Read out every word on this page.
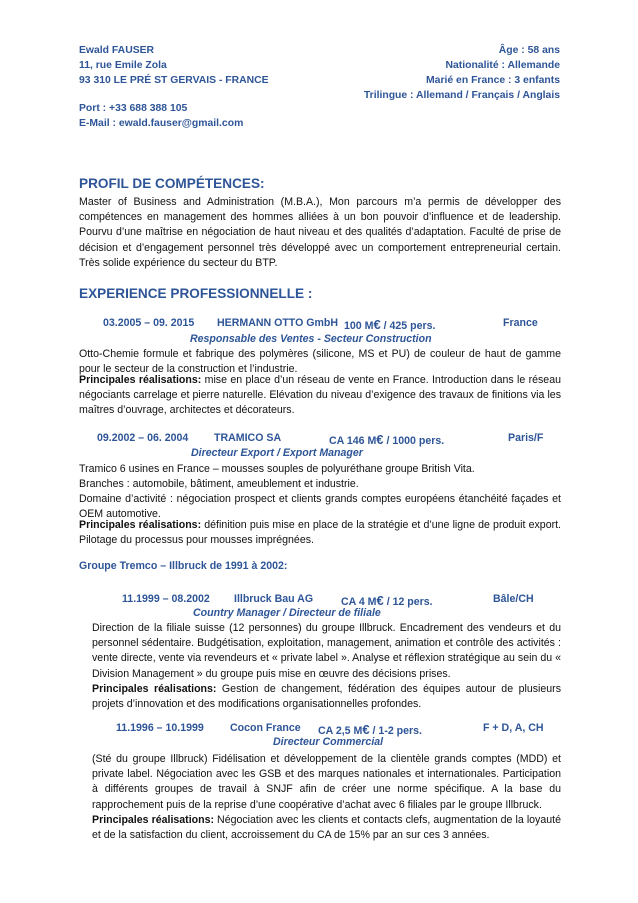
Ewald FAUSER
11, rue Emile Zola
93 310 LE PRÉ ST GERVAIS - FRANCE
Âge : 58 ans
Nationalité : Allemande
Marié en France : 3 enfants
Trilingue : Allemand / Français / Anglais
Port : +33 688 388 105
E-Mail : ewald.fauser@gmail.com
PROFIL DE COMPÉTENCES:
Master of Business and Administration (M.B.A.), Mon parcours m’a permis de développer des compétences en management des hommes alliées à un bon pouvoir d’influence et de leadership. Pourvu d’une maîtrise en négociation de haut niveau et des qualités d’adaptation. Faculté de prise de décision et d’engagement personnel très développé avec un comportement entrepreneurial certain. Très solide expérience du secteur du BTP.
EXPERIENCE PROFESSIONNELLE :
03.2005 – 09. 2015 HERMANN OTTO GmbH 100 M€ / 425 pers.	France
Responsable des Ventes - Secteur Construction
Otto-Chemie formule et fabrique des polymères (silicone, MS et PU) de couleur de haut de gamme pour le secteur de la construction et l’industrie.
Principales réalisations: mise en place d’un réseau de vente en France. Introduction dans le réseau négociants carrelage et pierre naturelle. Elévation du niveau d’exigence des travaux de finitions via les maîtres d’ouvrage, architectes et décorateurs.
09.2002 – 06. 2004 TRAMICO SA	CA 146 M€ / 1000 pers.	Paris/F
Directeur Export / Export Manager
Tramico 6 usines en France – mousses souples de polyuréthane groupe British Vita.
Branches : automobile, bâtiment, ameublement et industrie.
Domaine d’activité : négociation prospect et clients grands comptes européens étanchéité façades et OEM automotive.
Principales réalisations: définition puis mise en place de la stratégie et d’une ligne de produit export. Pilotage du processus pour mousses imprégnées.
Groupe Tremco – Illbruck de 1991 à 2002:
11.1999 – 08.2002 Illbruck Bau AG	CA 4 M€ / 12 pers.	Bâle/CH
Country Manager / Directeur de filiale
Direction de la filiale suisse (12 personnes) du groupe Illbruck. Encadrement des vendeurs et du personnel sédentaire. Budgétisation, exploitation, management, animation et contrôle des activités : vente directe, vente via revendeurs et « private label ». Analyse et réflexion stratégique au sein du « Division Management » du groupe puis mise en œuvre des décisions prises.
Principales réalisations: Gestion de changement, fédération des équipes autour de plusieurs projets d’innovation et des modifications organisationnelles profondes.
11.1996 – 10.1999 Cocon France CA 2,5 M€ / 1-2 pers.	F + D, A, CH
Directeur Commercial
(Sté du groupe Illbruck) Fidélisation et développement de la clientèle grands comptes (MDD) et private label. Négociation avec les GSB et des marques nationales et internationales. Participation à différents groupes de travail à SNJF afin de créer une norme spécifique. A la base du rapprochement puis de la reprise d’une coopérative d’achat avec 6 filiales par le groupe Illbruck.
Principales réalisations: Négociation avec les clients et contacts clefs, augmentation de la loyauté et de la satisfaction du client, accroissement du CA de 15% par an sur ces 3 années.
